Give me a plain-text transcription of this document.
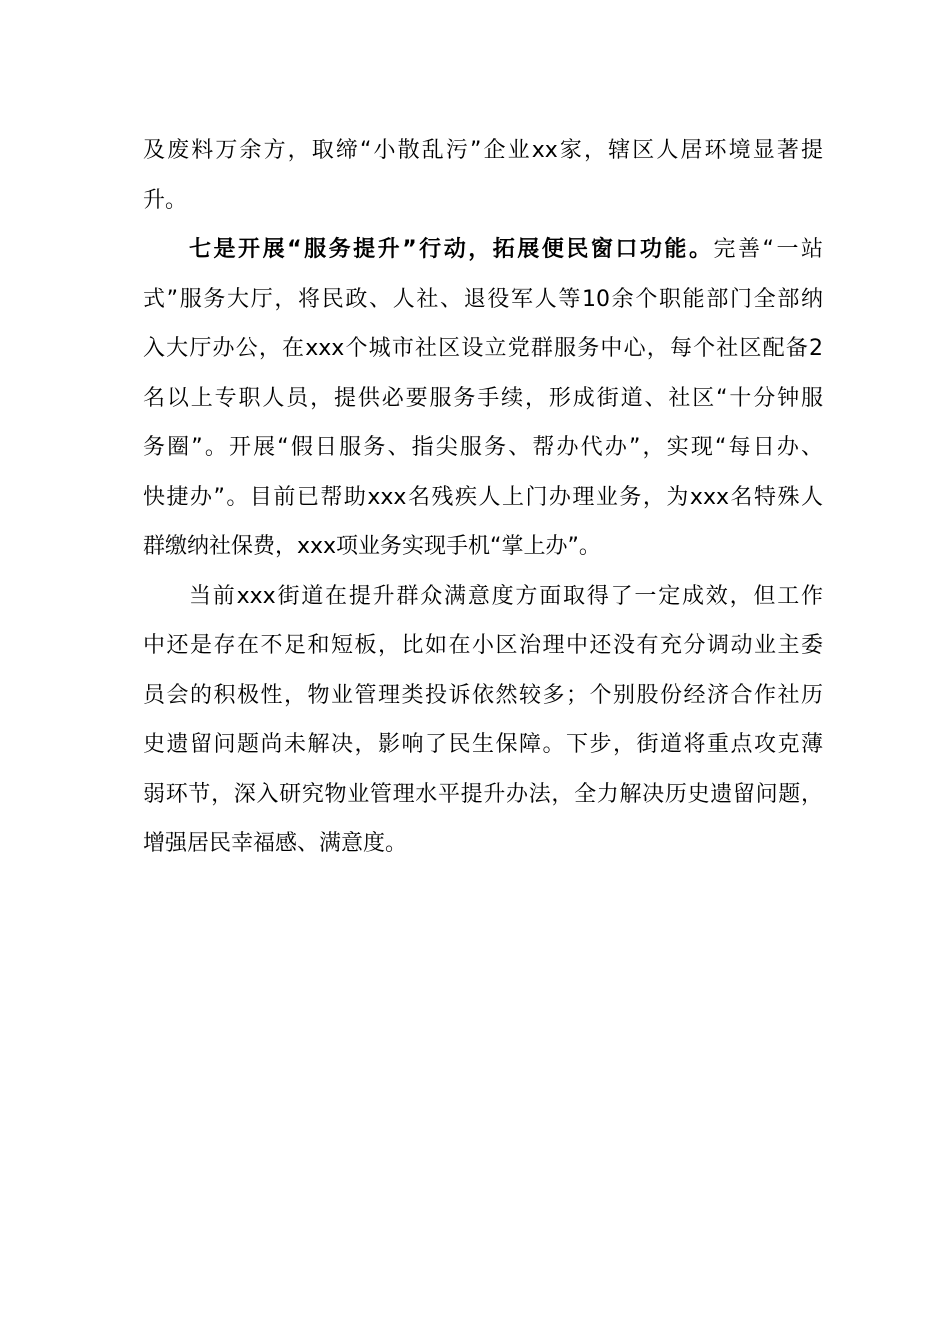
及废料万余方，取缔“小散乱污”企业xx家，辖区人居环境显著提
升。
七是开展“服务提升”行动，拓展便民窗口功能。完善“一站
式”服务大厅，将民政、人社、退役军人等10余个职能部门全部纳
入大厅办公，在xxx个城市社区设立党群服务中心，每个社区配备2
名以上专职人员，提供必要服务手续，形成街道、社区“十分钟服
务圈”。开展“假日服务、指尖服务、帮办代办”，实现“每日办、
快捷办”。目前已帮助xxx名残疾人上门办理业务，为xxx名特殊人
群缴纳社保费，xxx项业务实现手机“掌上办”。
当前xxx街道在提升群众满意度方面取得了一定成效，但工作
中还是存在不足和短板，比如在小区治理中还没有充分调动业主委
员会的积极性，物业管理类投诉依然较多；个别股份经济合作社历
史遗留问题尚未解决，影响了民生保障。下步，街道将重点攻克薄
弱环节，深入研究物业管理水平提升办法，全力解决历史遗留问题，
增强居民幸福感、满意度。
